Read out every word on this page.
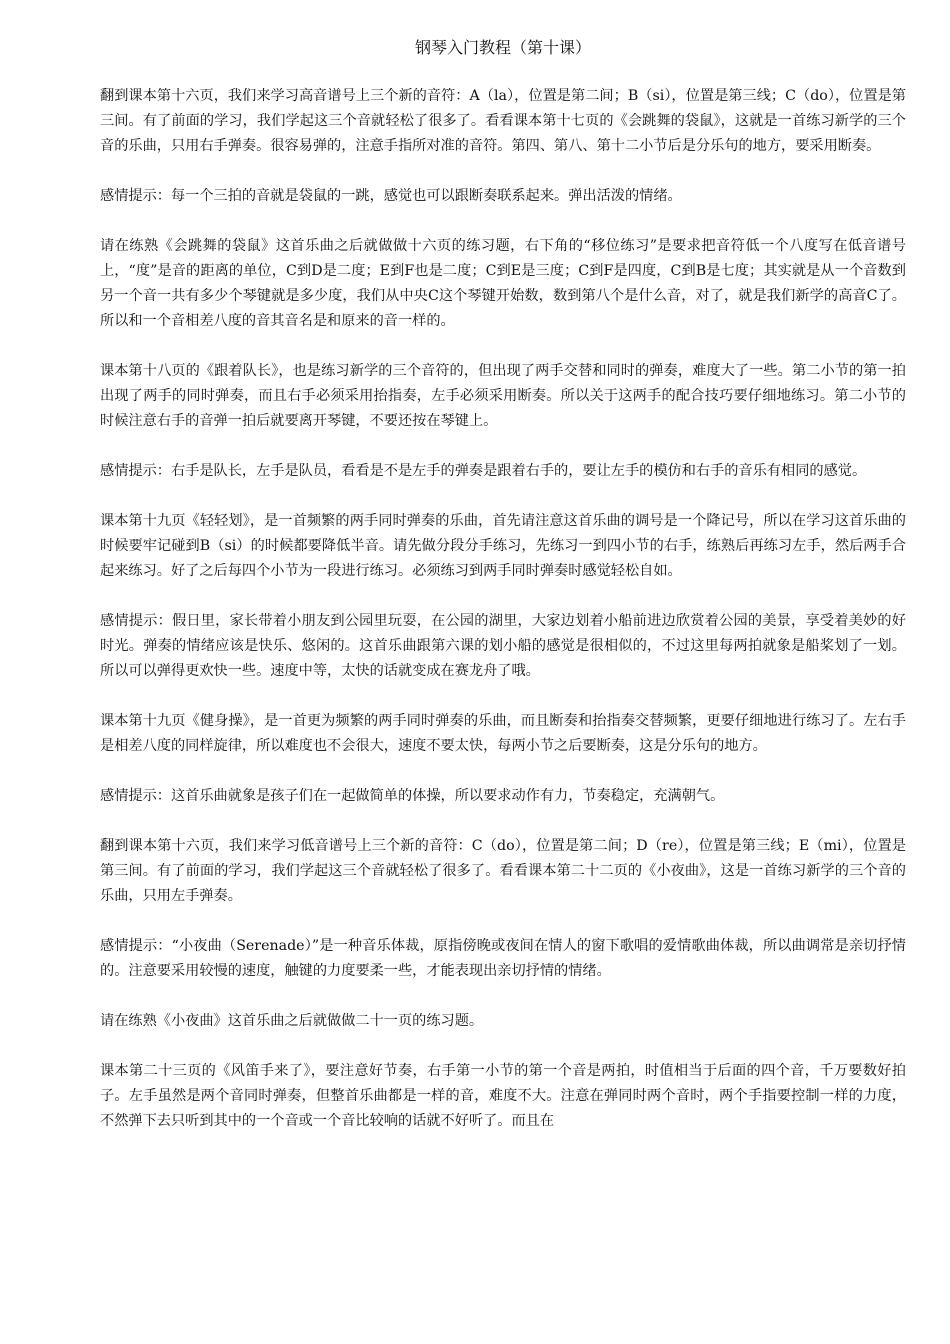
钢琴入门教程（第十课）

翻到课本第十六页，我们来学习高音谱号上三个新的音符：A（la），位置是第二间；B（si），位置是第三线；C（do），位置是第三间。有了前面的学习，我们学起这三个音就轻松了很多了。看看课本第十七页的《会跳舞的袋鼠》，这就是一首练习新学的三个音的乐曲，只用右手弹奏。很容易弹的，注意手指所对准的音符。第四、第八、第十二小节后是分乐句的地方，要采用断奏。

感情提示：每一个三拍的音就是袋鼠的一跳，感觉也可以跟断奏联系起来。弹出活泼的情绪。

请在练熟《会跳舞的袋鼠》这首乐曲之后就做做十六页的练习题，右下角的“移位练习”是要求把音符低一个八度写在低音谱号上，“度”是音的距离的单位，C到D是二度；E到F也是二度；C到E是三度；C到F是四度，C到B是七度；其实就是从一个音数到另一个音一共有多少个琴键就是多少度，我们从中央C这个琴键开始数，数到第八个是什么音，对了，就是我们新学的高音C了。所以和一个音相差八度的音其音名是和原来的音一样的。

课本第十八页的《跟着队长》，也是练习新学的三个音符的，但出现了两手交替和同时的弹奏，难度大了一些。第二小节的第一拍出现了两手的同时弹奏，而且右手必须采用抬指奏，左手必须采用断奏。所以关于这两手的配合技巧要仔细地练习。第二小节的时候注意右手的音弹一拍后就要离开琴键，不要还按在琴键上。

感情提示：右手是队长，左手是队员，看看是不是左手的弹奏是跟着右手的，要让左手的模仿和右手的音乐有相同的感觉。

课本第十九页《轻轻划》，是一首频繁的两手同时弹奏的乐曲，首先请注意这首乐曲的调号是一个降记号，所以在学习这首乐曲的时候要牢记碰到B（si）的时候都要降低半音。请先做分段分手练习，先练习一到四小节的右手，练熟后再练习左手，然后两手合起来练习。好了之后每四个小节为一段进行练习。必须练习到两手同时弹奏时感觉轻松自如。

感情提示：假日里，家长带着小朋友到公园里玩耍，在公园的湖里，大家边划着小船前进边欣赏着公园的美景，享受着美妙的好时光。弹奏的情绪应该是快乐、悠闲的。这首乐曲跟第六课的划小船的感觉是很相似的，不过这里每两拍就象是船桨划了一划。所以可以弹得更欢快一些。速度中等，太快的话就变成在赛龙舟了哦。

课本第十九页《健身操》，是一首更为频繁的两手同时弹奏的乐曲，而且断奏和抬指奏交替频繁，更要仔细地进行练习了。左右手是相差八度的同样旋律，所以难度也不会很大，速度不要太快，每两小节之后要断奏，这是分乐句的地方。

感情提示：这首乐曲就象是孩子们在一起做简单的体操，所以要求动作有力，节奏稳定，充满朝气。

翻到课本第十六页，我们来学习低音谱号上三个新的音符：C（do），位置是第二间；D（re），位置是第三线；E（mi），位置是第三间。有了前面的学习，我们学起这三个音就轻松了很多了。看看课本第二十二页的《小夜曲》，这是一首练习新学的三个音的乐曲，只用左手弹奏。

感情提示：“小夜曲（Serenade）”是一种音乐体裁，原指傍晚或夜间在情人的窗下歌唱的爱情歌曲体裁，所以曲调常是亲切抒情的。注意要采用较慢的速度，触键的力度要柔一些，才能表现出亲切抒情的情绪。

请在练熟《小夜曲》这首乐曲之后就做做二十一页的练习题。

课本第二十三页的《风笛手来了》，要注意好节奏，右手第一小节的第一个音是两拍，时值相当于后面的四个音，千万要数好拍子。左手虽然是两个音同时弹奏，但整首乐曲都是一样的音，难度不大。注意在弹同时两个音时，两个手指要控制一样的力度，不然弹下去只听到其中的一个音或一个音比较响的话就不好听了。而且在
